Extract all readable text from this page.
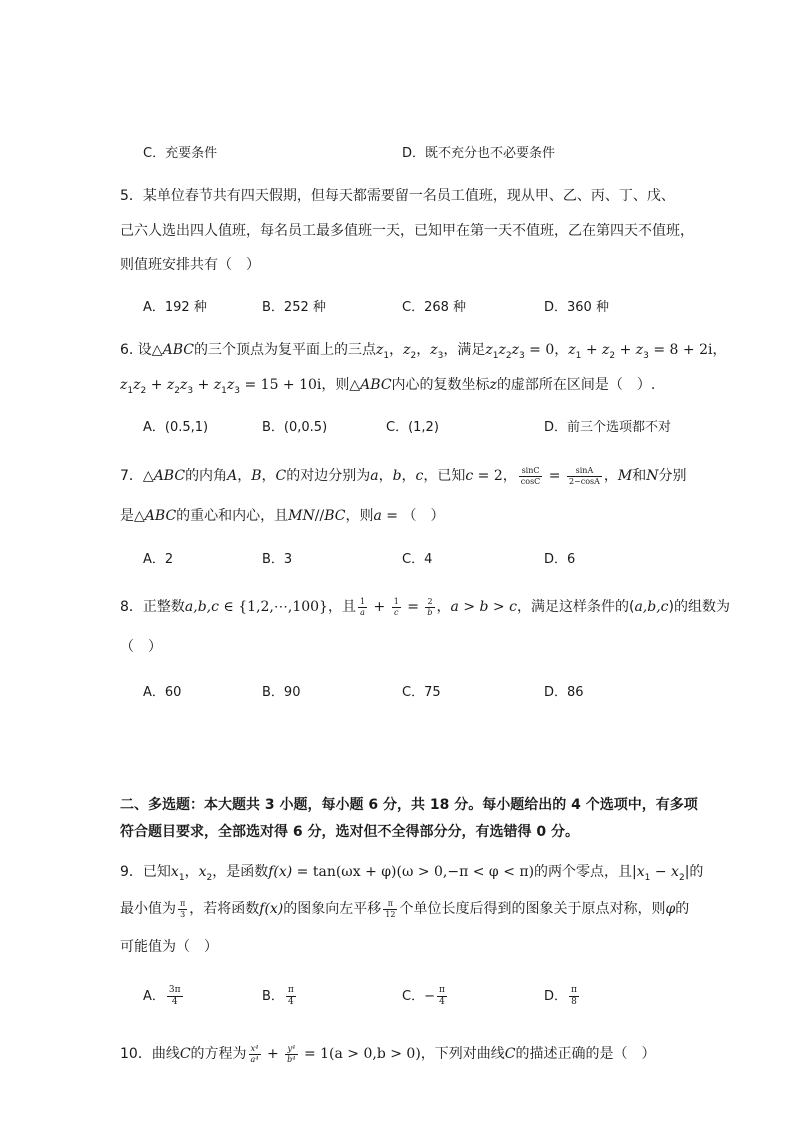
C．充要条件	D．既不充分也不必要条件
5．某单位春节共有四天假期，但每天都需要留一名员工值班，现从甲、乙、丙、丁、戊、
己六人选出四人值班，每名员工最多值班一天，已知甲在第一天不值班，乙在第四天不值班，
则值班安排共有（　）
A．192 种	B．252 种	C．268 种	D．360 种
6. 设△ABC的三个顶点为复平面上的三点$z_1$，$z_2$，$z_3$，满足$z_1z_2z_3 = 0$，$z_1 + z_2 + z_3 = 8 + 2i$，
$z_1z_2 + z_2z_3 + z_1z_3 = 15 + 10i$，则△ABC内心的复数坐标z的虚部所在区间是（　）.
A．(0.5,1)	B．(0,0.5)	C．(1,2)	D．前三个选项都不对
7．△ABC的内角A，B，C的对边分别为a，b，c，已知c = 2， $\frac{\sin C}{\cos C} = \frac{\sin A}{2-\cos A}$ ，M和N分别
是△ABC的重心和内心，且MN//BC，则a = （　）
A．2	B．3	C．4	D．6
8．正整数a,b,c ∈ {1,2,⋯,100}，且 $\frac{1}{a} + \frac{1}{c} = \frac{2}{b}$ ，a > b > c，满足这样条件的(a,b,c)的组数为
（　）
A．60	B．90	C．75	D．86
二、多选题：本大题共 3 小题，每小题 6 分，共 18 分。每小题给出的 4 个选项中，有多项
符合题目要求，全部选对得 6 分，选对但不全得部分分，有选错得 0 分。
9．已知$x_1$，$x_2$，是函数f(x) = tan(ωx + φ)(ω > 0,−π < φ < π)的两个零点，且$|x_1 - x_2|$的
最小值为 $\frac{\pi}{3}$ ，若将函数f(x)的图象向左平移 $\frac{\pi}{12}$ 个单位长度后得到的图象关于原点对称，则φ的
可能值为（　）
A． $\frac{3\pi}{4}$	B． $\frac{\pi}{4}$	C．− $\frac{\pi}{4}$	D． $\frac{\pi}{8}$
10．曲线C的方程为 $\frac{\text{x⁴}}{\text{a⁴}} + \frac{\text{y⁴}}{\text{b⁴}} = 1(a > 0,b > 0)$，下列对曲线C的描述正确的是（　）
